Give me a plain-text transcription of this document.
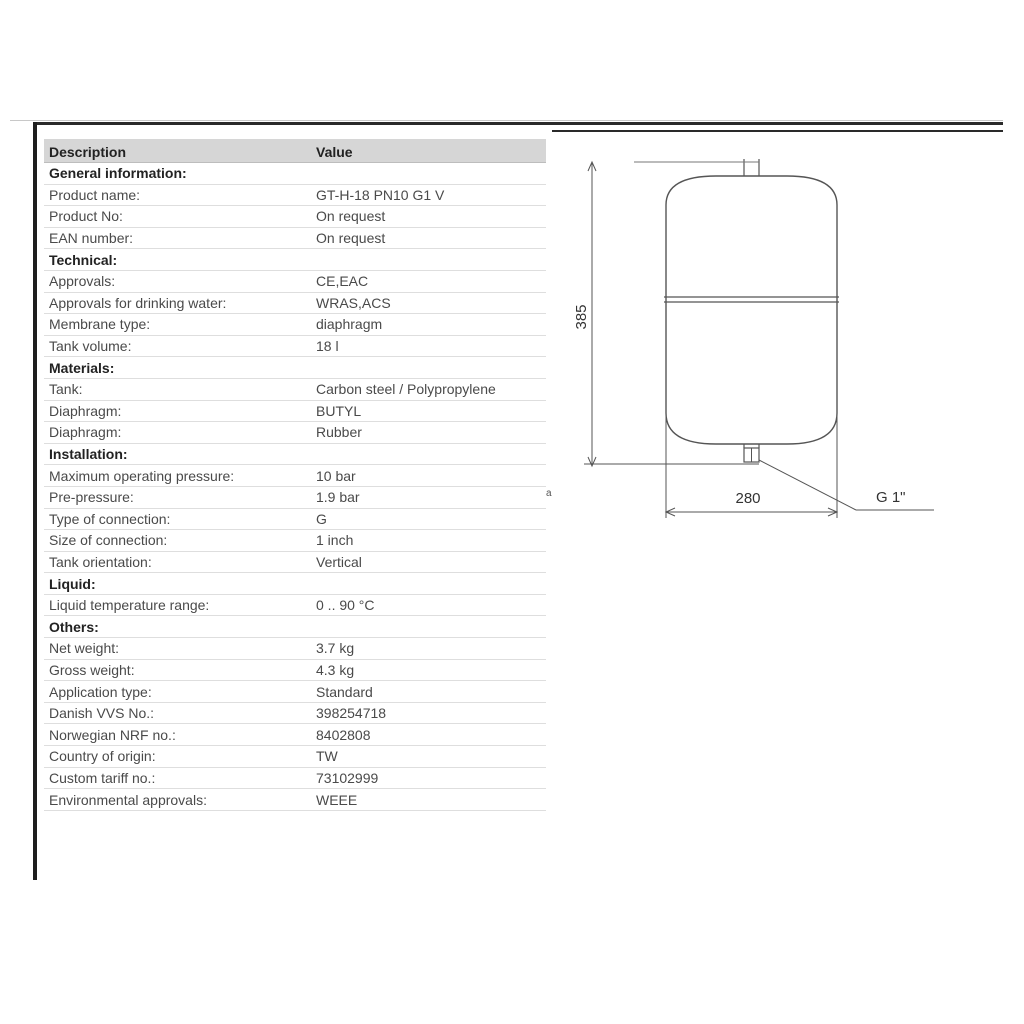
Description	Value
General information:
Product name:	GT-H-18 PN10 G1 V
Product No:	On request
EAN number:	On request
Technical:
Approvals:	CE,EAC
Approvals for drinking water:	WRAS,ACS
Membrane type:	diaphragm
Tank volume:	18 l
Materials:
Tank:	Carbon steel / Polypropylene
Diaphragm:	BUTYL
Diaphragm:	Rubber
Installation:
Maximum operating pressure:	10 bar
Pre-pressure:	1.9 bar
Type of connection:	G
Size of connection:	1 inch
Tank orientation:	Vertical
Liquid:
Liquid temperature range:	0 .. 90 °C
Others:
Net weight:	3.7 kg
Gross weight:	4.3 kg
Application type:	Standard
Danish VVS No.:	398254718
Norwegian NRF no.:	8402808
Country of origin:	TW
Custom tariff no.:	73102999
Environmental approvals:	WEEE
a
385
280	G 1"
